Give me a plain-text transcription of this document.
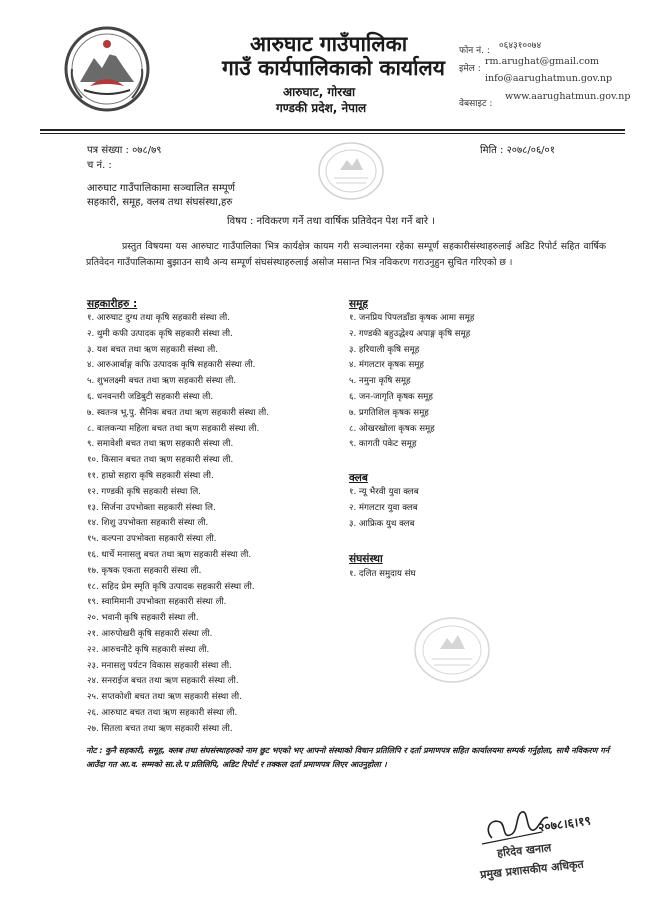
आरुघाट गाउँपालिका
गाउँ कार्यपालिकाको कार्यालय
आरुघाट, गोरखा
गण्डकी प्रदेश, नेपाल
फोन नं. : ०६४३१००७४
इमेल :
rm.arughat@gmail.com
info@aarughatmun.gov.np
वेबसाइट :
www.aarughatmun.gov.np
पत्र संख्या : ०७८/७९
च नं. :
मिति : २०७८/०६/०१
आरुघाट गाउँपालिकामा सञ्चालित सम्पूर्ण
सहकारी, समूह, क्लब तथा संघसंस्था,हरु
विषय : नविकरण गर्ने तथा वार्षिक प्रतिवेदन पेश गर्ने बारे ।
प्रस्तुत विषयमा यस आरुघाट गाउँपालिका भित्र कार्यक्षेत्र कायम गरी सञ्चालनमा रहेका सम्पूर्ण सहकारीसंस्थाहरुलाई अडिट रिपोर्ट सहित वार्षिक प्रतिवेदन गाउँपालिकामा बुझाउन साथै अन्य सम्पूर्ण संघसंस्थाहरुलाई असोज मसान्त भित्र नविकरण गराउनुहुन सुचित गरिएको छ ।
सहकारीहरु :
१. आरुघाट दुग्ध तथा कृषि सहकारी संस्था ली.
२. थुमी कफी उत्पादक कृषि सहकारी संस्था ली.
३. यश बचत तथा ऋण सहकारी संस्था ली.
४. आरुआर्बाङ्ग कफि उत्पादक कृषि सहकारी संस्था ली.
५. शुभलक्ष्मी बचत तथा ऋण सहकारी संस्था ली.
६. धनवन्तरी जडिबुटी सहकारी संस्था ली.
७. स्वतन्त्र भू.पु. सैनिक बचत तथा ऋण सहकारी संस्था ली.
८. बालकन्या महिला बचत तथा ऋण सहकारी संस्था ली.
९. समावेशी बचत तथा ऋण सहकारी संस्था ली.
१०. किसान बचत तथा ऋण सहकारी संस्था ली.
११. हाम्रो सहारा कृषि सहकारी संस्था ली.
१२. गण्डकी कृषि सहकारी संस्था लि.
१३. सिर्जना उपभोक्ता सहकारी संस्था लि.
१४. शिशु उपभोक्ता सहकारी संस्था ली.
१५. कल्पना उपभोक्ता सहकारी संस्था ली.
१६. धार्चे मनासलु बचत तथा ऋण सहकारी संस्था ली.
१७. कृषक एकता सहकारी संस्था ली.
१८. सहिद प्रेम स्मृति कृषि उत्पादक सहकारी संस्था ली.
१९. स्वामिमानी उपभोक्ता सहकारी संस्था ली.
२०. भवानी कृषि सहकारी संस्था ली.
२१. आरुपोखरी कृषि सहकारी संस्था ली.
२२. आरुचनौटे कृषि सहकारी संस्था ली.
२३. मनासलु पर्यटन विकास सहकारी संस्था ली.
२४. सनराईज बचत तथा ऋण सहकारी संस्था ली.
२५. सप्तकोशी बचत तथा ऋण सहकारी संस्था ली.
२६. आरुघाट बचत तथा ऋण सहकारी संस्था ली.
२७. सितला बचत तथा ऋण सहकारी संस्था ली.
समूह
१. जनप्रिय पिपलडाँडा कृषक आमा समूह
२. गण्डकी बहुउद्धेश्य अपाङ्ग कृषि समूह
३. हरियाली कृषि समूह
४. मंगलटार कृषक समूह
५. नमुना कृषि समूह
६. जन-जागृति कृषक समूह
७. प्रगतिशिल कृषक समूह
८. ओखरखोला कृषक समूह
९. कागती पकेट समूह
क्लब
१. न्यू भैरवी युवा क्लब
२. मंगलटार युवा क्लब
३. आफ्रिक युथ क्लब
संघसंस्था
१. दलित समुदाय संघ
नोट : कुनै सहकारी, समूह, क्लब तथा संघसंस्थाहरुको नाम छुट भएको भए आफ्नो संस्थाको विधान प्रतिलिपि र दर्ता प्रमाणपत्र सहित कार्यालयमा सम्पर्क गर्नुहोला, साथै नविकरण गर्न आउँदा गत आ.व. सम्मको सा.ले.प प्रतिलिपि, अडिट रिपोर्ट र तक्कल दर्ता प्रमाणपत्र लिएर आउनुहोला ।
२०७८।६।१९
हरिदेव खनाल
प्रमुख प्रशासकीय अधिकृत
